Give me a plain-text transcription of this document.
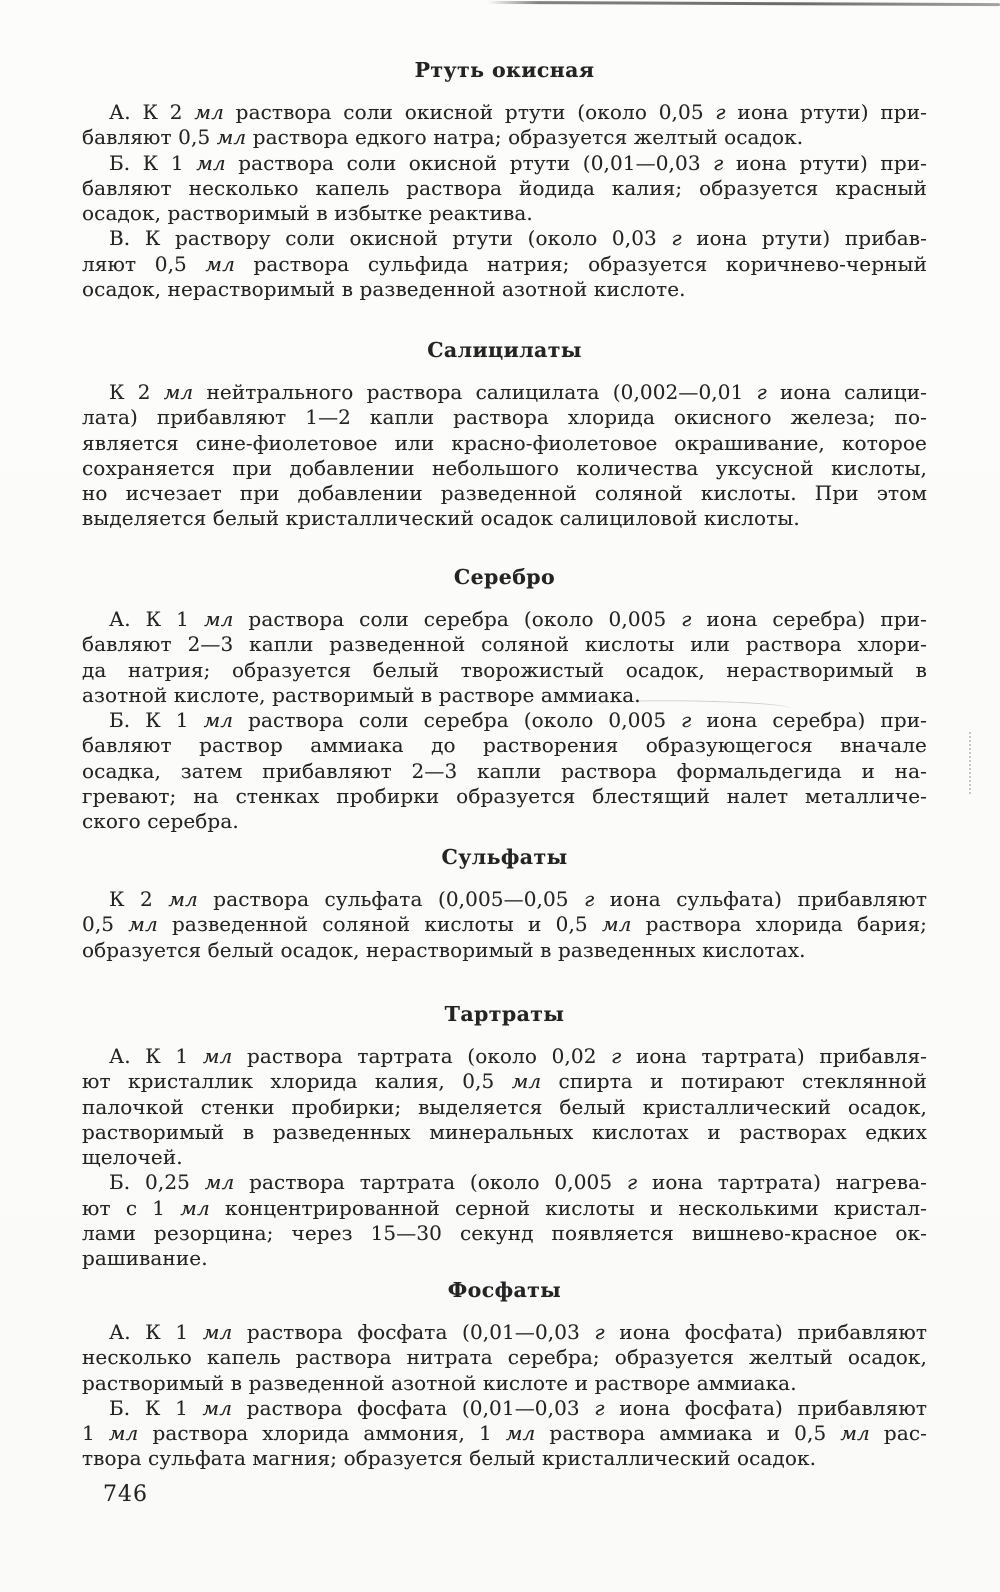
Ртуть окисная
А. К 2 мл раствора соли окисной ртути (около 0,05 г иона ртути) при-
бавляют 0,5 мл раствора едкого натра; образуется желтый осадок.
Б. К 1 мл раствора соли окисной ртути (0,01—0,03 г иона ртути) при-
бавляют несколько капель раствора йодида калия; образуется красный
осадок, растворимый в избытке реактива.
В. К раствору соли окисной ртути (около 0,03 г иона ртути) прибав-
ляют 0,5 мл раствора сульфида натрия; образуется коричнево-черный
осадок, нерастворимый в разведенной азотной кислоте.
Салицилаты
К 2 мл нейтрального раствора салицилата (0,002—0,01 г иона салици-
лата) прибавляют 1—2 капли раствора хлорида окисного железа; по-
является сине-фиолетовое или красно-фиолетовое окрашивание, которое
сохраняется при добавлении небольшого количества уксусной кислоты,
но исчезает при добавлении разведенной соляной кислоты. При этом
выделяется белый кристаллический осадок салициловой кислоты.
Серебро
А. К 1 мл раствора соли серебра (около 0,005 г иона серебра) при-
бавляют 2—3 капли разведенной соляной кислоты или раствора хлори-
да натрия; образуется белый творожистый осадок, нерастворимый в
азотной кислоте, растворимый в растворе аммиака.
Б. К 1 мл раствора соли серебра (около 0,005 г иона серебра) при-
бавляют раствор аммиака до растворения образующегося вначале
осадка, затем прибавляют 2—3 капли раствора формальдегида и на-
гревают; на стенках пробирки образуется блестящий налет металличе-
ского серебра.
Сульфаты
К 2 мл раствора сульфата (0,005—0,05 г иона сульфата) прибавляют
0,5 мл разведенной соляной кислоты и 0,5 мл раствора хлорида бария;
образуется белый осадок, нерастворимый в разведенных кислотах.
Тартраты
А. К 1 мл раствора тартрата (около 0,02 г иона тартрата) прибавля-
ют кристаллик хлорида калия, 0,5 мл спирта и потирают стеклянной
палочкой стенки пробирки; выделяется белый кристаллический осадок,
растворимый в разведенных минеральных кислотах и растворах едких
щелочей.
Б. 0,25 мл раствора тартрата (около 0,005 г иона тартрата) нагрева-
ют с 1 мл концентрированной серной кислоты и несколькими кристал-
лами резорцина; через 15—30 секунд появляется вишнево-красное ок-
рашивание.
Фосфаты
А. К 1 мл раствора фосфата (0,01—0,03 г иона фосфата) прибавляют
несколько капель раствора нитрата серебра; образуется желтый осадок,
растворимый в разведенной азотной кислоте и растворе аммиака.
Б. К 1 мл раствора фосфата (0,01—0,03 г иона фосфата) прибавляют
1 мл раствора хлорида аммония, 1 мл раствора аммиака и 0,5 мл рас-
твора сульфата магния; образуется белый кристаллический осадок.
746
